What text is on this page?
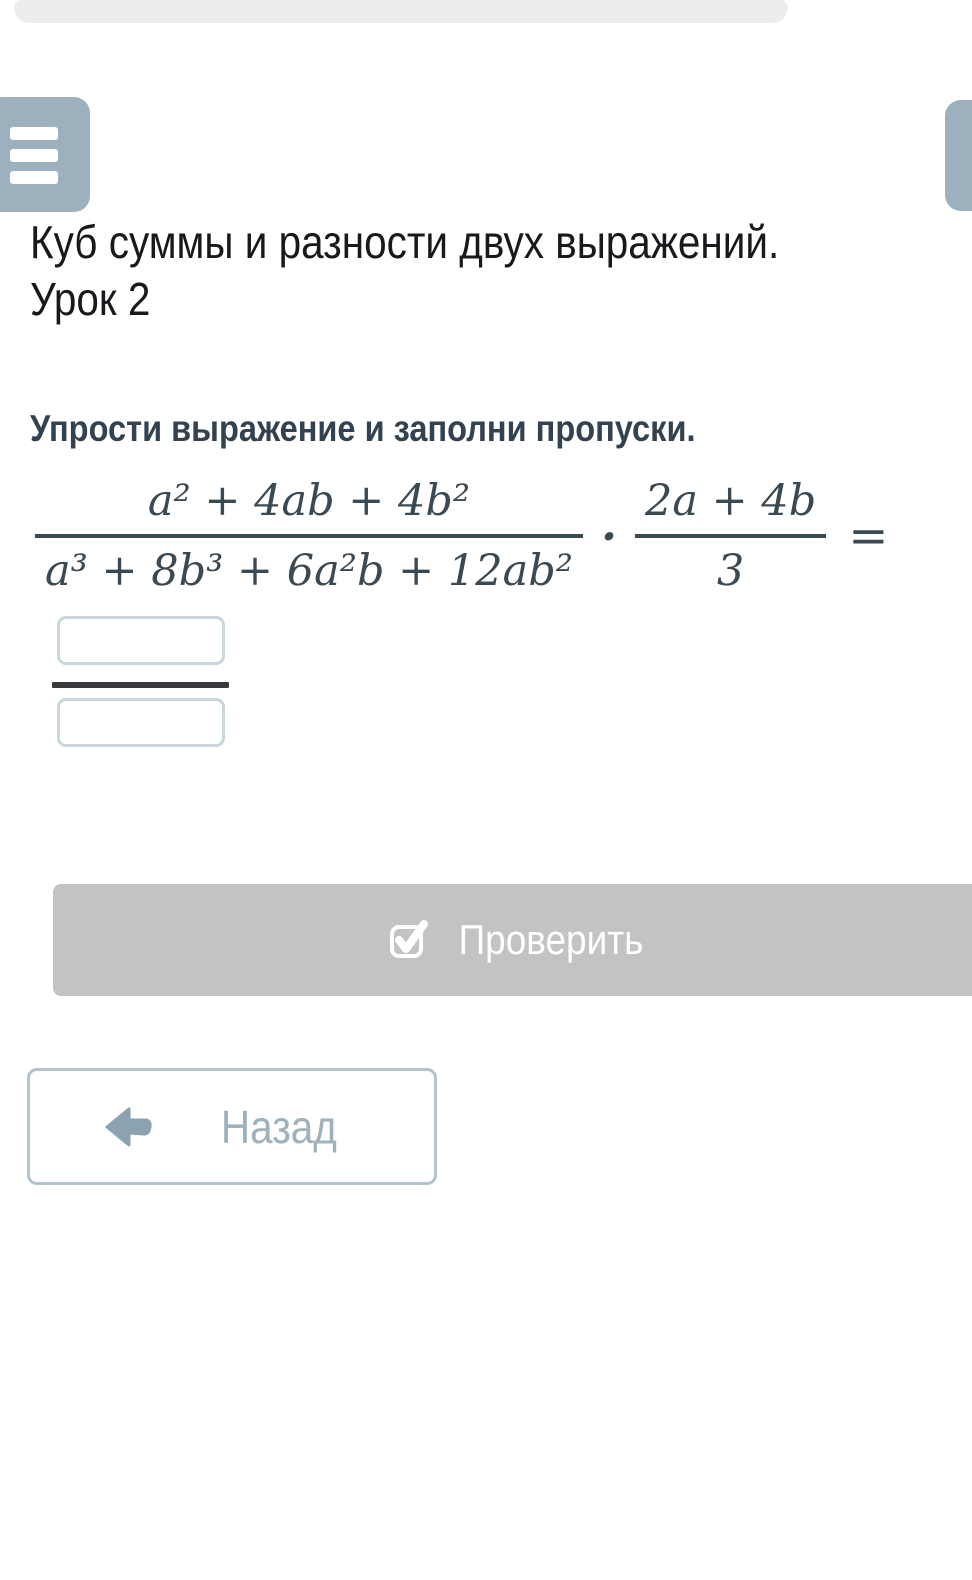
Куб суммы и разности двух выражений.
Урок 2
Упрости выражение и заполни пропуски.
$\frac{\text{a² + 4ab + 4b²}}{\text{a³ + 8b³ + 6a²b + 12ab²}} \cdot \frac{2a + 4b}{3}$ =
Проверить
Назад
